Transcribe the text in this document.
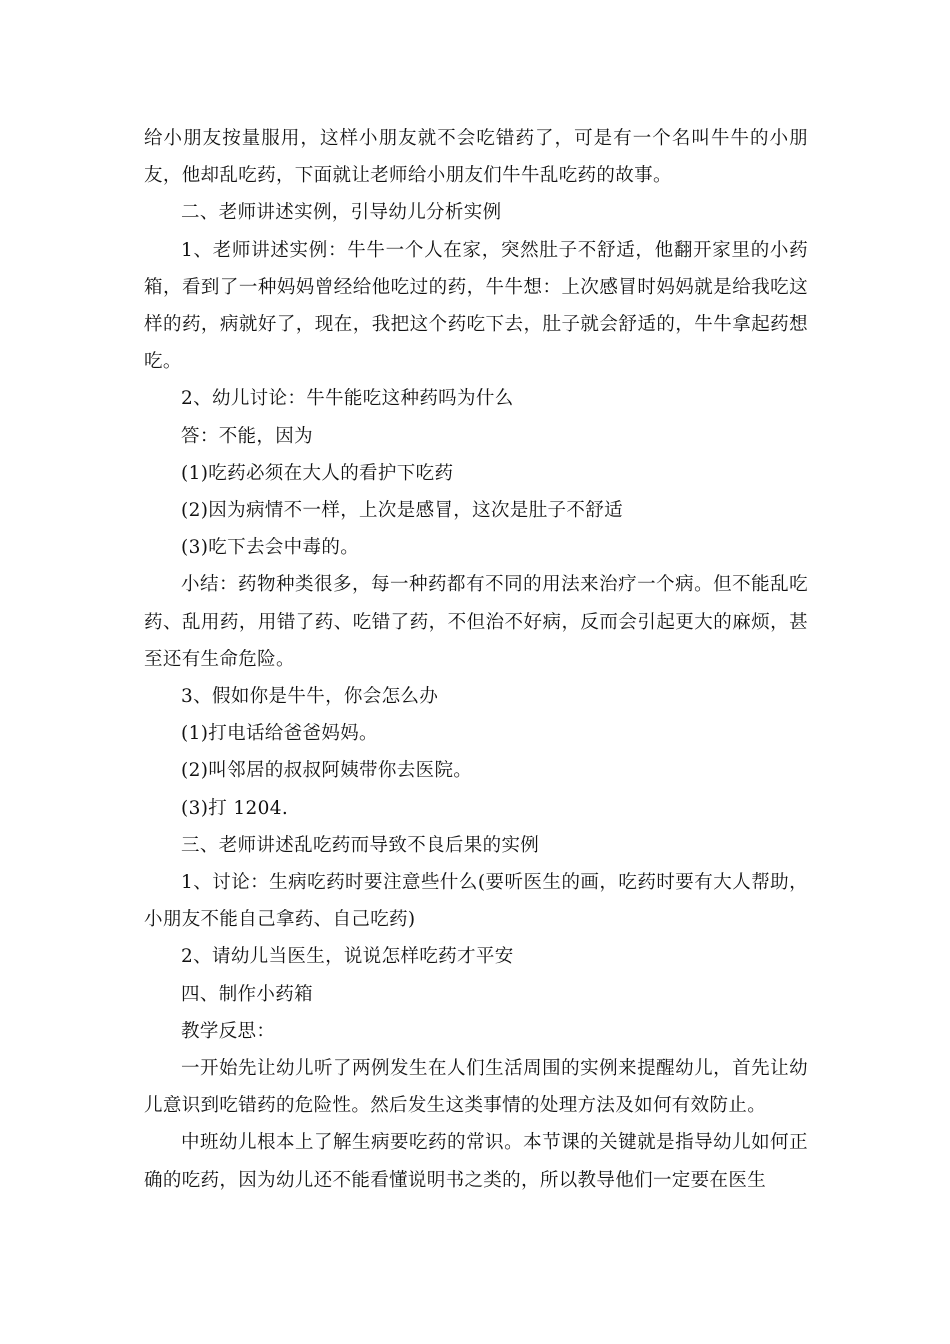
给小朋友按量服用，这样小朋友就不会吃错药了，可是有一个名叫牛牛的小朋友，他却乱吃药，下面就让老师给小朋友们牛牛乱吃药的故事。

二、老师讲述实例，引导幼儿分析实例

1、老师讲述实例：牛牛一个人在家，突然肚子不舒适，他翻开家里的小药箱，看到了一种妈妈曾经给他吃过的药，牛牛想：上次感冒时妈妈就是给我吃这样的药，病就好了，现在，我把这个药吃下去，肚子就会舒适的，牛牛拿起药想吃。

2、幼儿讨论：牛牛能吃这种药吗为什么

答：不能，因为

(1)吃药必须在大人的看护下吃药

(2)因为病情不一样，上次是感冒，这次是肚子不舒适

(3)吃下去会中毒的。

小结：药物种类很多，每一种药都有不同的用法来治疗一个病。但不能乱吃药、乱用药，用错了药、吃错了药，不但治不好病，反而会引起更大的麻烦，甚至还有生命危险。

3、假如你是牛牛，你会怎么办

(1)打电话给爸爸妈妈。

(2)叫邻居的叔叔阿姨带你去医院。

(3)打 1204.

三、老师讲述乱吃药而导致不良后果的实例

1、讨论：生病吃药时要注意些什么(要听医生的画，吃药时要有大人帮助，小朋友不能自己拿药、自己吃药)

2、请幼儿当医生，说说怎样吃药才平安

四、制作小药箱

教学反思：

一开始先让幼儿听了两例发生在人们生活周围的实例来提醒幼儿，首先让幼儿意识到吃错药的危险性。然后发生这类事情的处理方法及如何有效防止。

中班幼儿根本上了解生病要吃药的常识。本节课的关键就是指导幼儿如何正确的吃药，因为幼儿还不能看懂说明书之类的，所以教导他们一定要在医生
